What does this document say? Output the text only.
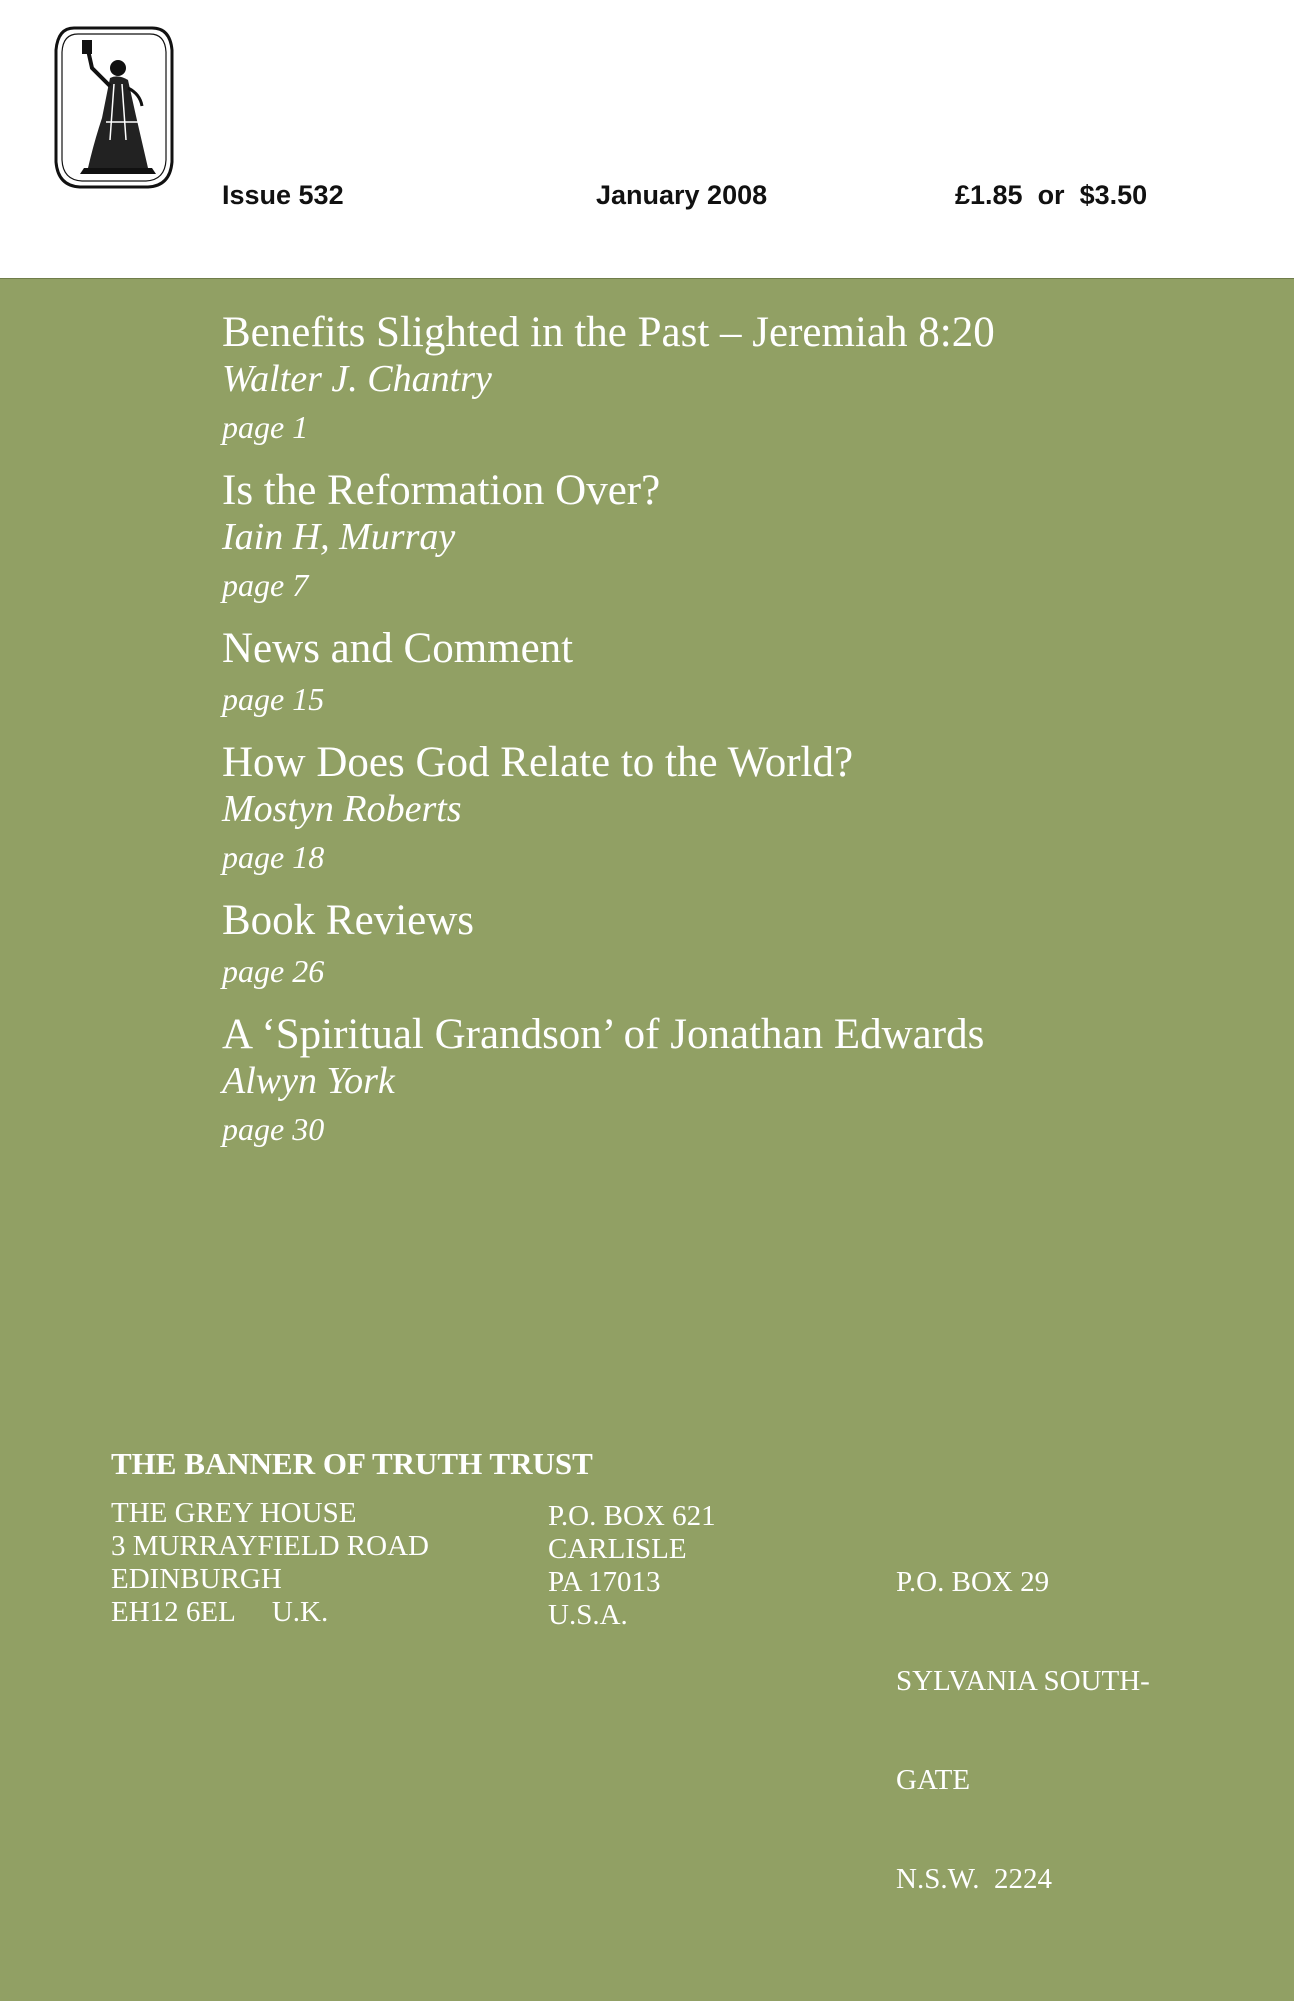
Issue 532	January 2008	£1.85  or  $3.50
Benefits Slighted in the Past – Jeremiah 8:20
Walter J. Chantry
page 1
Is the Reformation Over?
Iain H, Murray
page 7
News and Comment
page 15
How Does God Relate to the World?
Mostyn Roberts
page 18
Book Reviews
page 26
A ‘Spiritual Grandson’ of Jonathan Edwards
Alwyn York
page 30
THE BANNER OF TRUTH TRUST
THE GREY HOUSE
3 MURRAYFIELD ROAD
EDINBURGH
EH12 6EL U.K.
P.O. BOX 621
CARLISLE
PA 17013
U.S.A.

P.O. BOX 29

SYLVANIA SOUTH-

GATE

N.S.W.  2224
